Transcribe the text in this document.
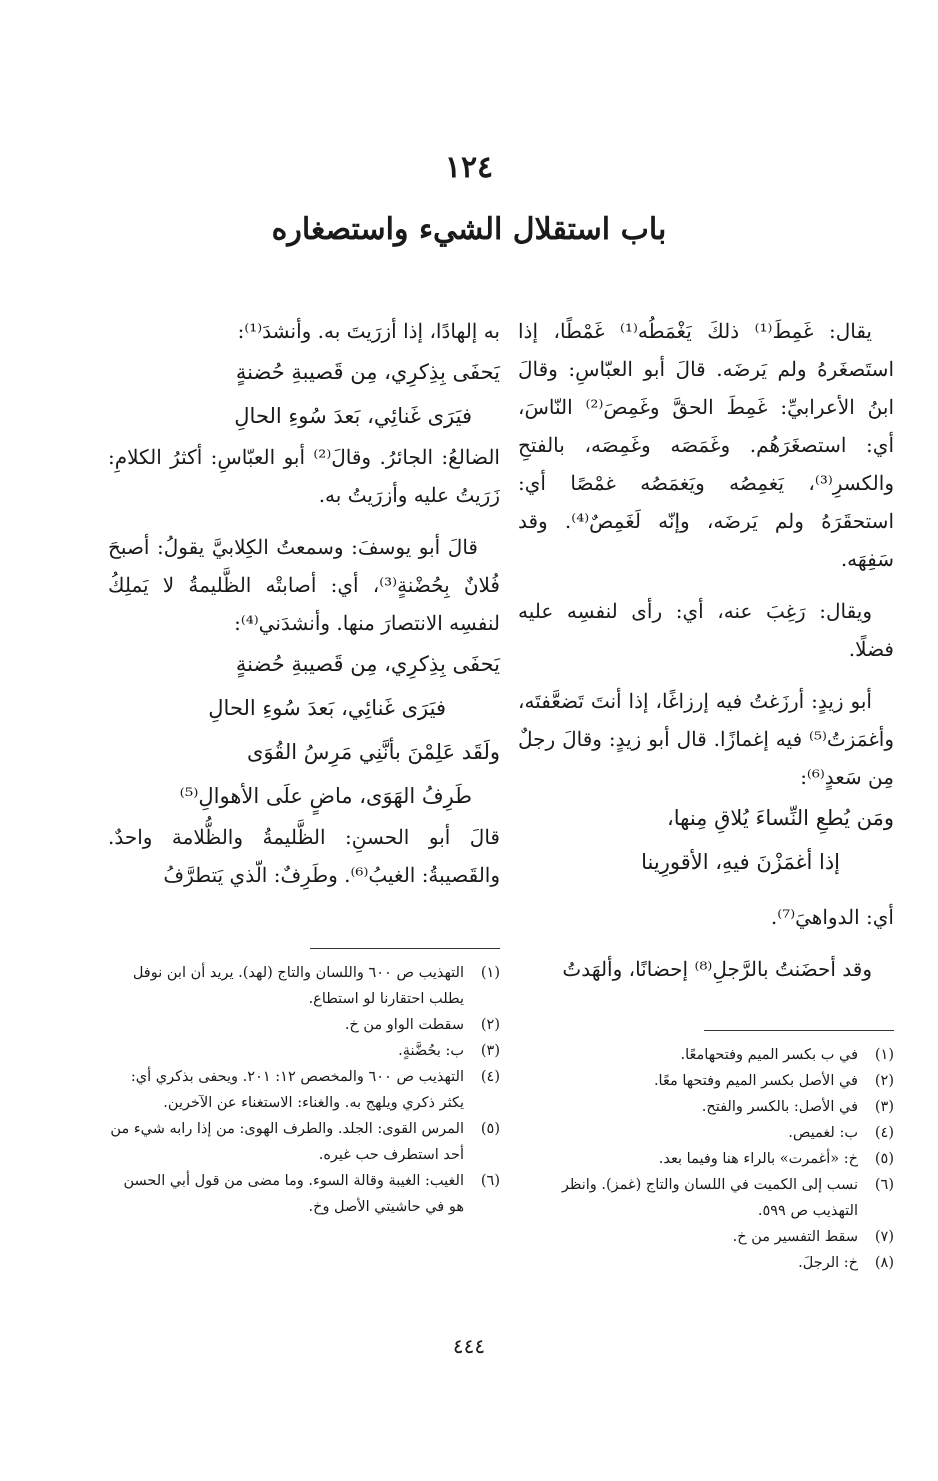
١٢٤
باب استقلال الشيء واستصغاره

يقال: غَمِطَ⁽¹⁾ ذلكَ يَغْمَطُه⁽¹⁾ غَمْطًا، إذا استَصغَرهُ ولم يَرضَه. قالَ أبو العبّاسِ: وقالَ ابنُ الأعرابيِّ: غَمِطَ الحقَّ وغَمِصَ⁽²⁾ النّاسَ، أي: استصغَرَهُم. وغَمَصَه وغَمِصَه، بالفتحِ والكسرِ⁽³⁾، يَغمِصُه ويَغمَصُه غمْصًا أي: استحقَرَهُ ولم يَرضَه، وإنّه لَغَمِصٌ⁽⁴⁾. وقد سَفِهَه.

ويقال: رَغِبَ عنه، أي: رأى لنفسِه عليه فضلًا.

أبو زيدٍ: أرزَغتُ فيه إرزاغًا، إذا أنتَ تَضعَّفتَه، وأغمَزتُ⁽⁵⁾ فيه إغمازًا. قال أبو زيدٍ: وقالَ رجلٌ مِن سَعدٍ⁽⁶⁾:

ومَن يُطعِ النِّساءَ يُلاقِ مِنها،

إذا أغمَزْنَ فيهِ، الأقورِينا

أي: الدواهيَ⁽⁷⁾.

وقد أحضَنتُ بالرَّجلِ⁽⁸⁾ إحضانًا، وألهَدتُ

به إلهادًا، إذا أزرَيتَ به. وأنشدَ⁽¹⁾:

يَحفَى بِذِكرِي، مِن قَصيبةِ حُضنةٍ

فيَرَى غَنائِي، بَعدَ سُوءِ الحالِ

الضالعُ: الجائرُ. وقالَ⁽²⁾ أبو العبّاسِ: أكثرُ الكلامِ: زَرَيتُ عليه وأزرَيتُ به.

قالَ أبو يوسفَ: وسمعتُ الكِلابيَّ يقولُ: أصبحَ فُلانٌ بِحُضْنةٍ⁽³⁾، أي: أصابتْه الظَّليمةُ لا يَملِكُ لنفسِه الانتصارَ منها. وأنشدَني⁽⁴⁾:

يَحفَى بِذِكرِي، مِن قَصيبةِ حُضنةٍ

فيَرَى غَنائِي، بَعدَ سُوءِ الحالِ

ولَقَد عَلِمْنَ بأنَّنِي مَرِسُ القُوَى

طَرِفُ الهَوَى، ماضٍ علَى الأهوالِ⁽⁵⁾

قالَ أبو الحسنِ: الظَّليمةُ والظُّلامة واحدٌ. والقَصيبةُ: الغيبُ⁽⁶⁾. وطَرِفٌ: الّذي يَتطرَّفُ

(١)
في ب بكسر الميم وفتحهامعًا.
(٢)
في الأصل بكسر الميم وفتحها معًا.
(٣)
في الأصل: بالكسر والفتح.
(٤)
ب: لغميص.
(٥)
خ: «أغمرت» بالراء هنا وفيما بعد.
(٦)
نسب إلى الكميت في اللسان والتاج (غمز). وانظر التهذيب ص ٥٩٩.
(٧)
سقط التفسير من خ.
(٨)
خ: الرجلَ.
(١)
التهذيب ص ٦٠٠ واللسان والتاج (لهد). يريد أن ابن نوفل يطلب احتقارنا لو استطاع.
(٢)
سقطت الواو من خ.
(٣)
ب: بحُضَّنةٍ.
(٤)
التهذيب ص ٦٠٠ والمخصص ١٢: ٢٠١. ويحفى بذكري أي: يكثر ذكري ويلهج به. والغناء: الاستغناء عن الآخرين.
(٥)
المرس القوى: الجلد. والطرف الهوى: من إذا رابه شيء من أحد استطرف حب غيره.
(٦)
الغيب: الغيبة وقالة السوء. وما مضى من قول أبي الحسن هو في حاشيتي الأصل وخ.
٤٤٤
